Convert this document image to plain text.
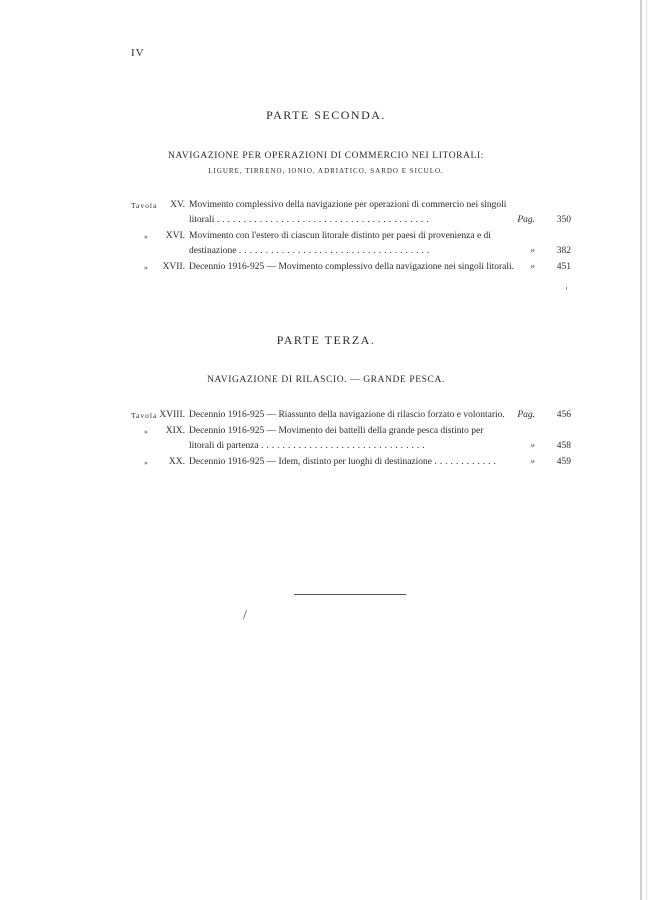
IV
PARTE SECONDA.
NAVIGAZIONE PER OPERAZIONI DI COMMERCIO NEI LITORALI:
LIGURE, TIRRENO, IONIO, ADRIATICO, SARDO E SICULO.
Tavola XV. Movimento complessivo della navigazione per operazioni di commercio nei singoli
litorali ........................................	Pag.	350
» XVI. Movimento con l'estero di ciascun litorale distinto per paesi di provenienza e di
destinazione ....................................	»	382
» XVII. Decennio 1916-925 — Movimento complessivo della navigazione nei singoli litorali.	»	451
PARTE TERZA.
NAVIGAZIONE DI RILASCIO. — GRANDE PESCA.
Tavola XVIII. Decennio 1916-925 — Riassunto della navigazione di rilascio forzato e volontario.	Pag.	456
» XIX. Decennio 1916-925 — Movimento dei battelli della grande pesca distinto per
litorali di partenza ...............................	»	458
» XX. Decennio 1916-925 — Idem, distinto per luoghi di destinazione ............	»	459
/
